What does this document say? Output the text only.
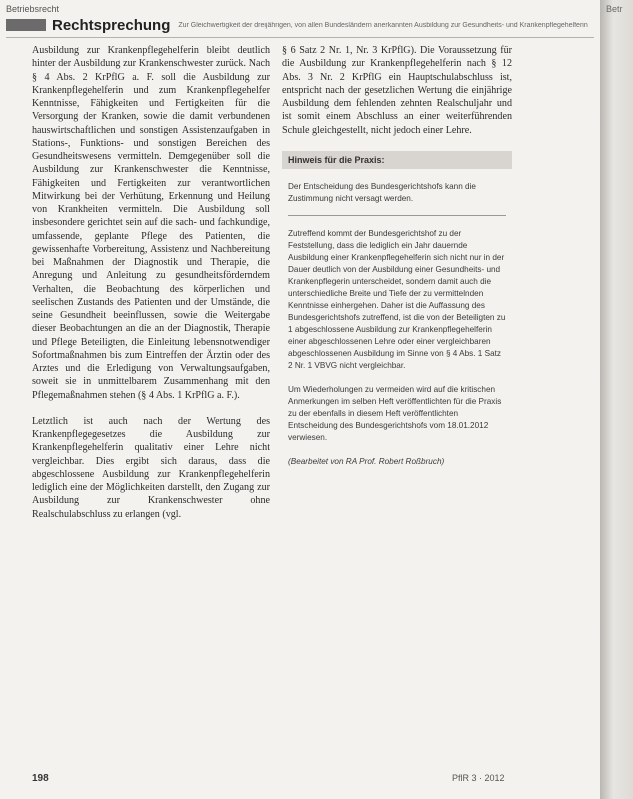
Betriebsrecht
Rechtsprechung Zur Gleichwertigkeit der dreijährigen, von allen Bundesländern anerkannten Ausbildung zur Gesundheits- und Krankenpflegehelferin

Ausbildung zur Krankenpflegehelferin bleibt deutlich hinter der Ausbildung zur Krankenschwester zurück. Nach § 4 Abs. 2 KrPflG a. F. soll die Ausbildung zur Krankenpflegehelferin und zum Krankenpflegehelfer Kenntnisse, Fähigkeiten und Fertigkeiten für die Versorgung der Kranken, sowie die damit verbundenen hauswirtschaftlichen und sonstigen Assistenzaufgaben in Stations-, Funktions- und sonstigen Bereichen des Gesundheitswesens vermitteln. Demgegenüber soll die Ausbildung zur Krankenschwester die Kenntnisse, Fähigkeiten und Fertigkeiten zur verantwortlichen Mitwirkung bei der Verhütung, Erkennung und Heilung von Krankheiten vermitteln. Die Ausbildung soll insbesondere gerichtet sein auf die sach- und fachkundige, umfassende, geplante Pflege des Patienten, die gewissenhafte Vorbereitung, Assistenz und Nachbereitung bei Maßnahmen der Diagnostik und Therapie, die Anregung und Anleitung zu gesundheitsförderndem Verhalten, die Beobachtung des körperlichen und seelischen Zustands des Patienten und der Umstände, die seine Gesundheit beeinflussen, sowie die Weitergabe dieser Beobachtungen an die an der Diagnostik, Therapie und Pflege Beteiligten, die Einleitung lebensnotwendiger Sofortmaßnahmen bis zum Eintreffen der Ärztin oder des Arztes und die Erledigung von Verwaltungsaufgaben, soweit sie in unmittelbarem Zusammenhang mit den Pflegemaßnahmen stehen (§ 4 Abs. 1 KrPflG a. F.).

Letztlich ist auch nach der Wertung des Krankenpflegegesetzes die Ausbildung zur Krankenpflegehelferin qualitativ einer Lehre nicht vergleichbar. Dies ergibt sich daraus, dass die abgeschlossene Ausbildung zur Krankenpflegehelferin lediglich eine der Möglichkeiten darstellt, den Zugang zur Ausbildung zur Krankenschwester ohne Realschulabschluss zu erlangen (vgl.

§ 6 Satz 2 Nr. 1, Nr. 3 KrPflG). Die Voraussetzung für die Ausbildung zur Krankenpflegehelferin nach § 12 Abs. 3 Nr. 2 KrPflG ein Hauptschulabschluss ist, entspricht nach der gesetzlichen Wertung die einjährige Ausbildung dem fehlenden zehnten Realschuljahr und ist somit einem Abschluss an einer weiterführenden Schule gleichgestellt, nicht jedoch einer Lehre.

Hinweis für die Praxis:

Der Entscheidung des Bundesgerichtshofs kann die Zustimmung nicht versagt werden.

Zutreffend kommt der Bundesgerichtshof zu der Feststellung, dass die lediglich ein Jahr dauernde Ausbildung einer Krankenpflegehelferin sich nicht nur in der Dauer deutlich von der Ausbildung einer Gesundheits- und Krankenpflegerin unterscheidet, sondern damit auch die unterschiedliche Breite und Tiefe der zu vermittelnden Kenntnisse einhergehen. Daher ist die Auffassung des Bundesgerichtshofs zutreffend, ist die von der Beteiligten zu 1 abgeschlossene Ausbildung zur Krankenpflegehelferin einer abgeschlossenen Lehre oder einer vergleichbaren abgeschlossenen Ausbildung im Sinne von § 4 Abs. 1 Satz 2 Nr. 1 VBVG nicht vergleichbar.

Um Wiederholungen zu vermeiden wird auf die kritischen Anmerkungen im selben Heft veröffentlichten für die Praxis zu der ebenfalls in diesem Heft veröffentlichten Entscheidung des Bundesgerichtshofs vom 18.01.2012 verwiesen.

(Bearbeitet von RA Prof. Robert Roßbruch)

198	PflR 3 · 2012
Betr
